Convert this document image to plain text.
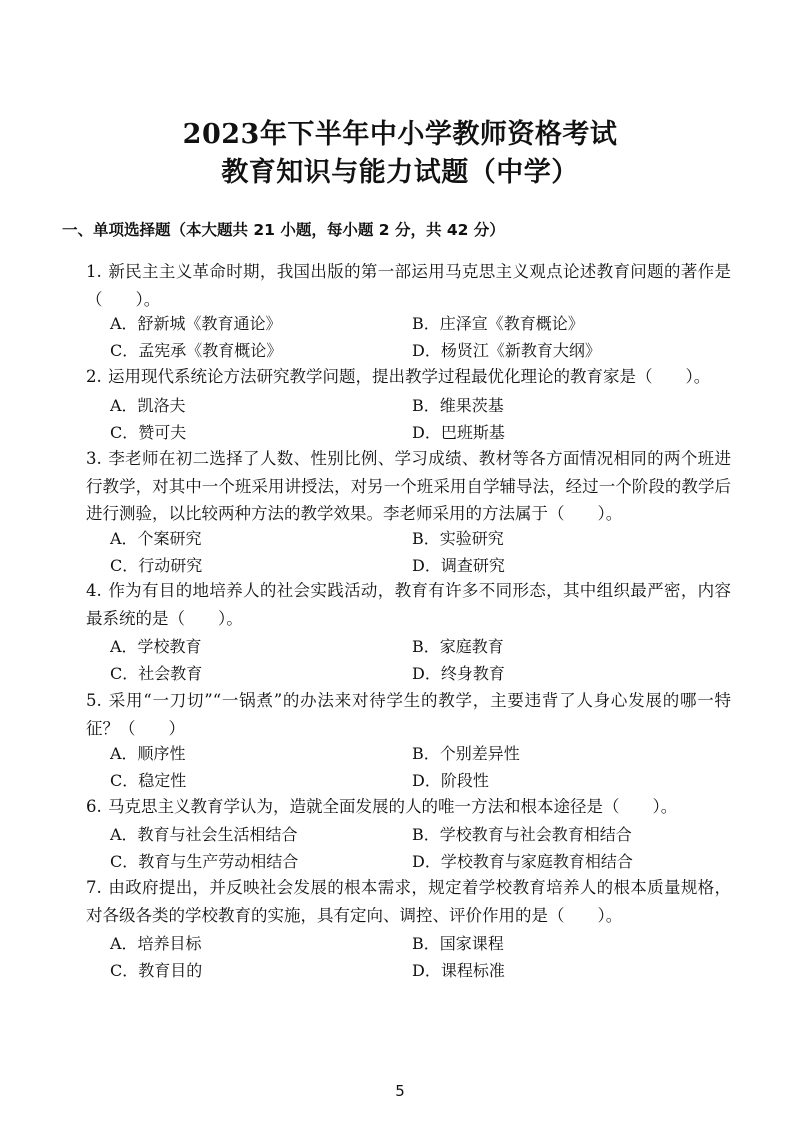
2023年下半年中小学教师资格考试
教育知识与能力试题（中学）
一、单项选择题（本大题共 21 小题，每小题 2 分，共 42 分）
1. 新民主主义革命时期，我国出版的第一部运用马克思主义观点论述教育问题的著作是（　　）。
A．舒新城《教育通论》	B．庄泽宣《教育概论》
C．孟宪承《教育概论》	D．杨贤江《新教育大纲》
2. 运用现代系统论方法研究教学问题，提出教学过程最优化理论的教育家是（　　）。
A．凯洛夫	B．维果茨基
C．赞可夫	D．巴班斯基
3. 李老师在初二选择了人数、性别比例、学习成绩、教材等各方面情况相同的两个班进行教学，对其中一个班采用讲授法，对另一个班采用自学辅导法，经过一个阶段的教学后进行测验，以比较两种方法的教学效果。李老师采用的方法属于（　　）。
A．个案研究	B．实验研究
C．行动研究	D．调查研究
4. 作为有目的地培养人的社会实践活动，教育有许多不同形态，其中组织最严密，内容最系统的是（　　）。
A．学校教育	B．家庭教育
C．社会教育	D．终身教育
5. 采用“一刀切”“一锅煮”的办法来对待学生的教学，主要违背了人身心发展的哪一特征？（　　）
A．顺序性	B．个别差异性
C．稳定性	D．阶段性
6. 马克思主义教育学认为，造就全面发展的人的唯一方法和根本途径是（　　）。
A．教育与社会生活相结合	B．学校教育与社会教育相结合
C．教育与生产劳动相结合	D．学校教育与家庭教育相结合
7. 由政府提出，并反映社会发展的根本需求，规定着学校教育培养人的根本质量规格，对各级各类的学校教育的实施，具有定向、调控、评价作用的是（　　）。
A．培养目标	B．国家课程
C．教育目的	D．课程标准
5
